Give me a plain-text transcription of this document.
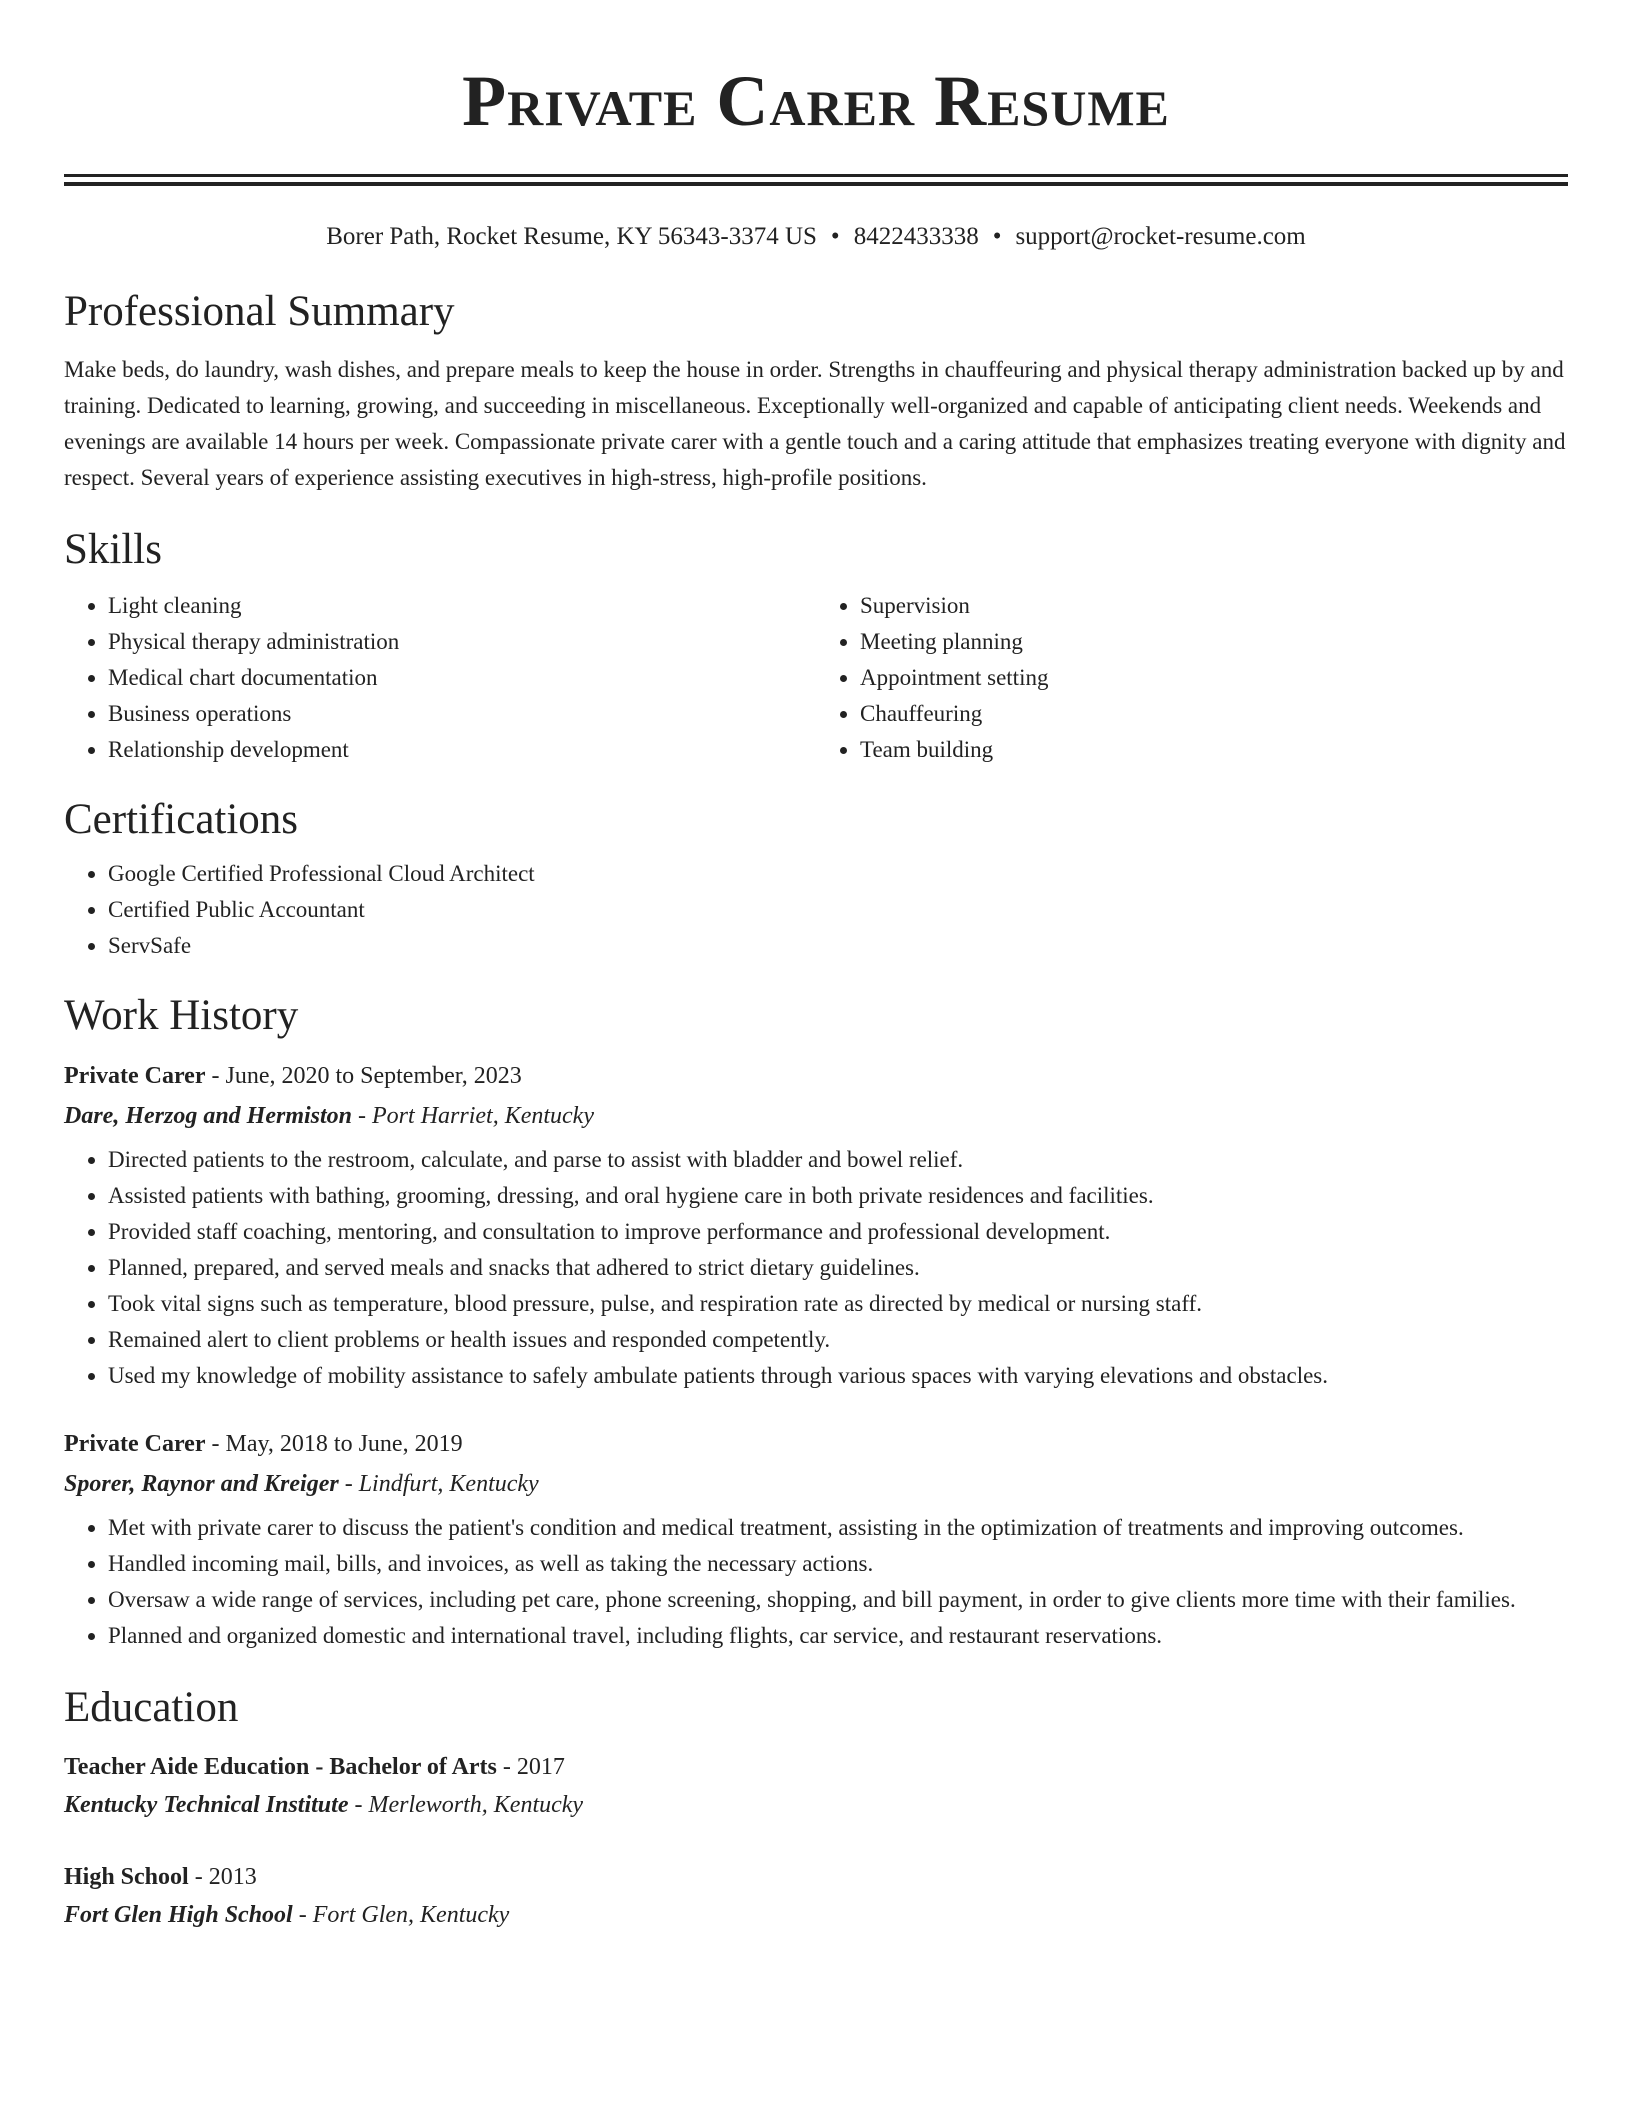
Private Carer Resume
Borer Path, Rocket Resume, KY 56343-3374 US • 8422433338 • support@rocket-resume.com
Professional Summary
Make beds, do laundry, wash dishes, and prepare meals to keep the house in order. Strengths in chauffeuring and physical therapy administration backed up by and training. Dedicated to learning, growing, and succeeding in miscellaneous. Exceptionally well-organized and capable of anticipating client needs. Weekends and evenings are available 14 hours per week. Compassionate private carer with a gentle touch and a caring attitude that emphasizes treating everyone with dignity and respect. Several years of experience assisting executives in high-stress, high-profile positions.
Skills
• Light cleaning
• Physical therapy administration
• Medical chart documentation
• Business operations
• Relationship development
• Supervision
• Meeting planning
• Appointment setting
• Chauffeuring
• Team building
Certifications
• Google Certified Professional Cloud Architect
• Certified Public Accountant
• ServSafe
Work History
Private Carer - June, 2020 to September, 2023
Dare, Herzog and Hermiston - Port Harriet, Kentucky
• Directed patients to the restroom, calculate, and parse to assist with bladder and bowel relief.
• Assisted patients with bathing, grooming, dressing, and oral hygiene care in both private residences and facilities.
• Provided staff coaching, mentoring, and consultation to improve performance and professional development.
• Planned, prepared, and served meals and snacks that adhered to strict dietary guidelines.
• Took vital signs such as temperature, blood pressure, pulse, and respiration rate as directed by medical or nursing staff.
• Remained alert to client problems or health issues and responded competently.
• Used my knowledge of mobility assistance to safely ambulate patients through various spaces with varying elevations and obstacles.
Private Carer - May, 2018 to June, 2019
Sporer, Raynor and Kreiger - Lindfurt, Kentucky
• Met with private carer to discuss the patient's condition and medical treatment, assisting in the optimization of treatments and improving outcomes.
• Handled incoming mail, bills, and invoices, as well as taking the necessary actions.
• Oversaw a wide range of services, including pet care, phone screening, shopping, and bill payment, in order to give clients more time with their families.
• Planned and organized domestic and international travel, including flights, car service, and restaurant reservations.
Education
Teacher Aide Education - Bachelor of Arts - 2017
Kentucky Technical Institute - Merleworth, Kentucky
High School - 2013
Fort Glen High School - Fort Glen, Kentucky
